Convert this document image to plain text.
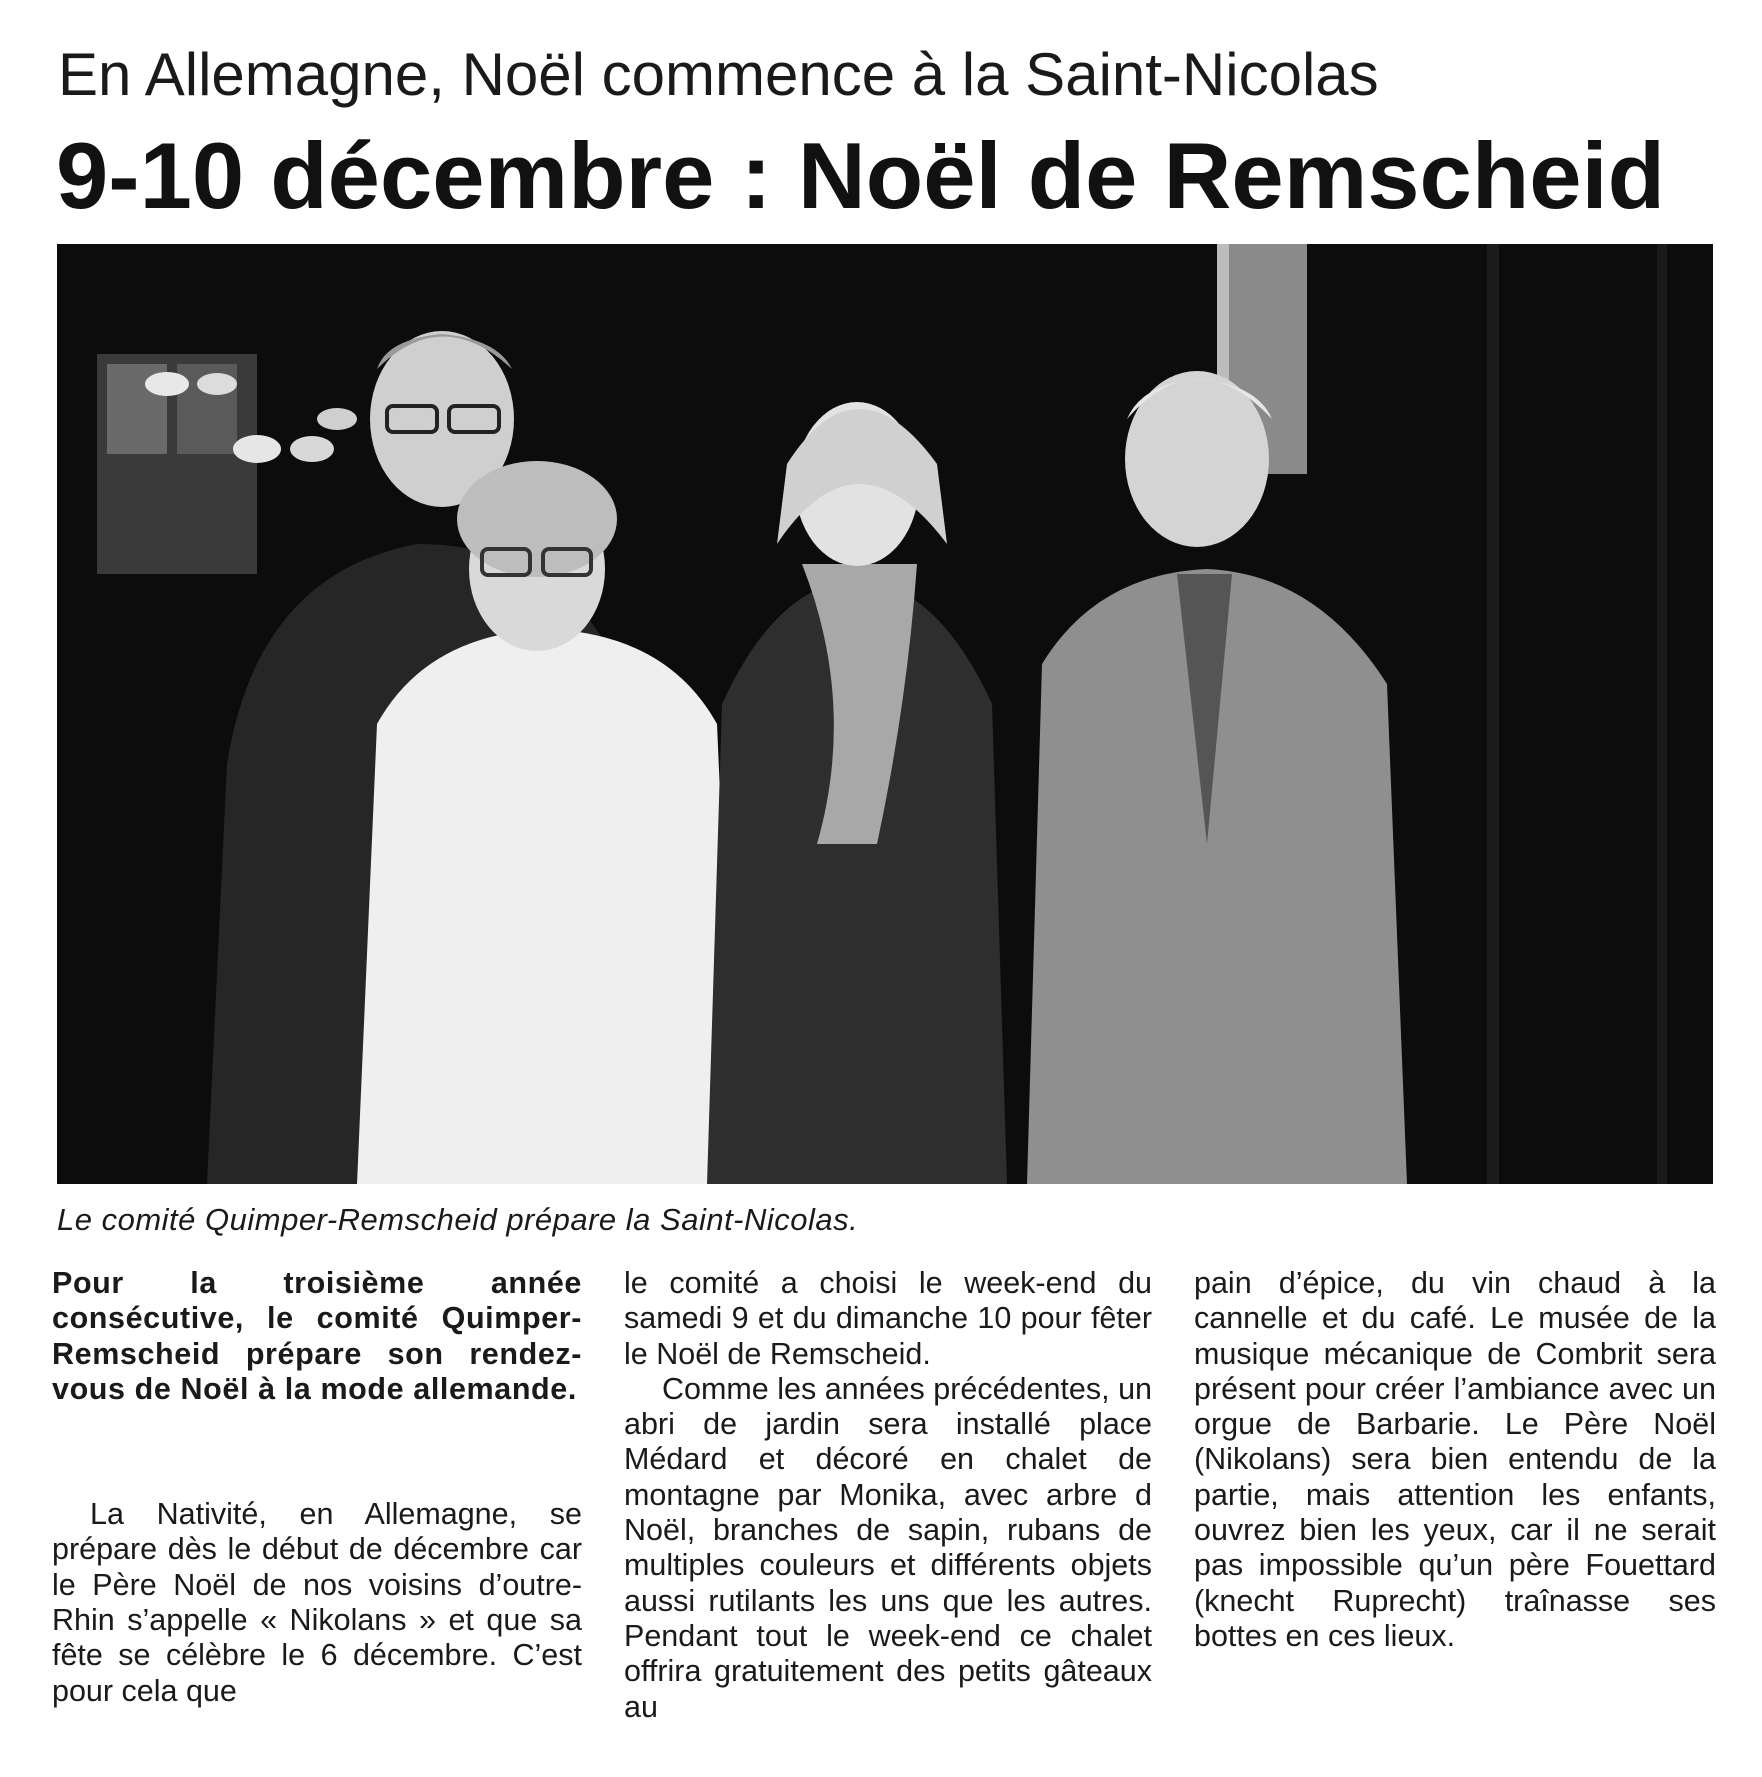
En Allemagne, Noël commence à la Saint-Nicolas
9-10 décembre : Noël de Remscheid
Le comité Quimper-Remscheid prépare la Saint-Nicolas.

Pour la troisième année consécutive, le comité Quimper-Remscheid prépare son rendez-vous de Noël à la mode allemande.

La Nativité, en Allemagne, se prépare dès le début de décembre car le Père Noël de nos voisins d’outre-Rhin s’appelle « Nikolans » et que sa fête se célèbre le 6 décembre. C’est pour cela que

le comité a choisi le week-end du samedi 9 et du dimanche 10 pour fêter le Noël de Remscheid.

Comme les années précédentes, un abri de jardin sera installé place Médard et décoré en chalet de montagne par Monika, avec arbre d Noël, branches de sapin, rubans de multiples couleurs et différents objets aussi rutilants les uns que les autres. Pendant tout le week-end ce chalet offrira gratuitement des petits gâteaux au

pain d’épice, du vin chaud à la cannelle et du café. Le musée de la musique mécanique de Combrit sera présent pour créer l’ambiance avec un orgue de Barbarie. Le Père Noël (Nikolans) sera bien entendu de la partie, mais attention les enfants, ouvrez bien les yeux, car il ne serait pas impossible qu’un père Fouettard (knecht Ruprecht) traînasse ses bottes en ces lieux.
